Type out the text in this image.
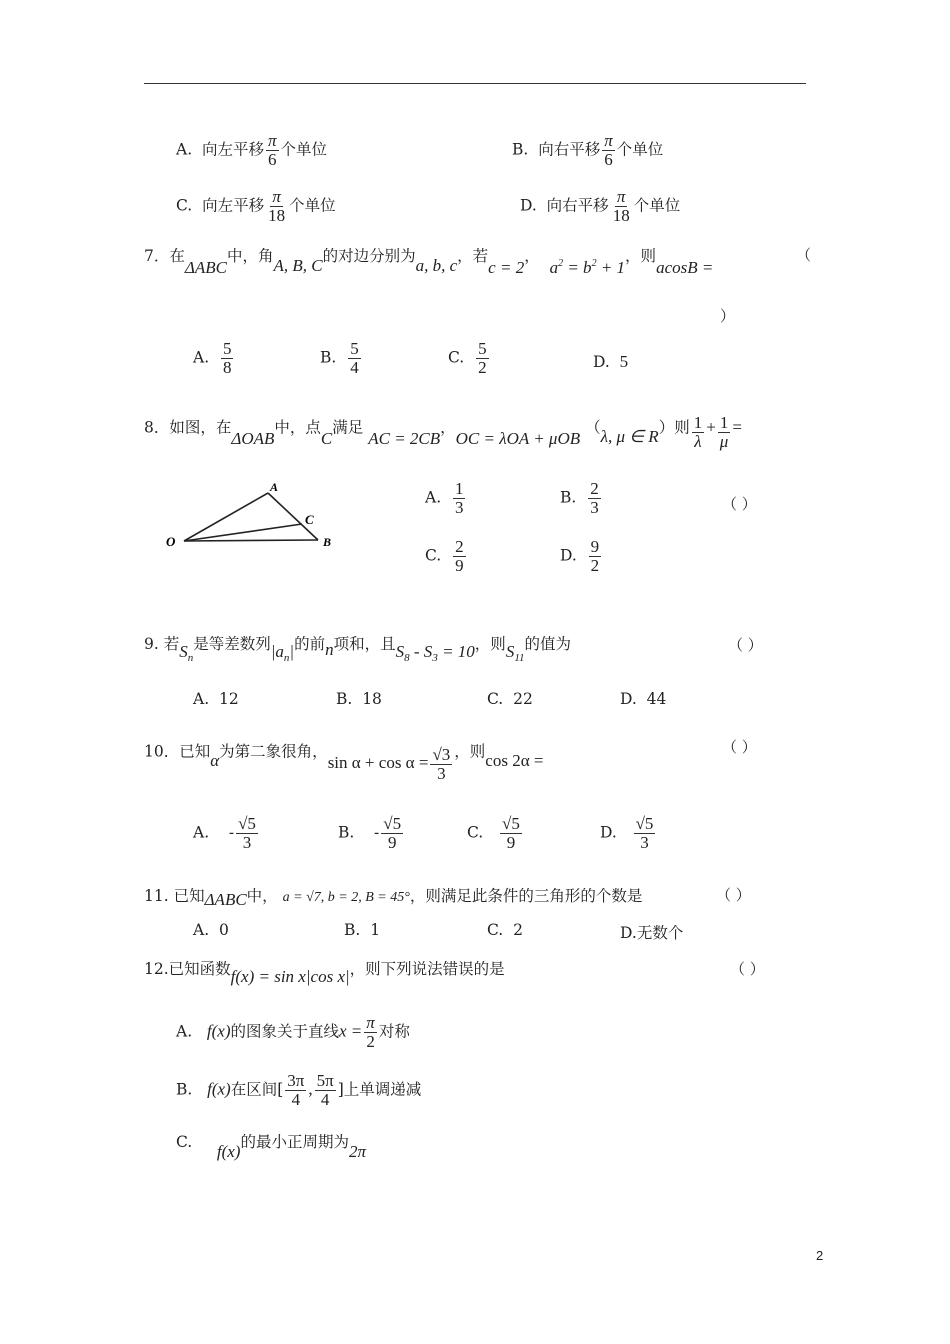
A. 向左平移 $\frac{\pi}{6}$ 个单位	B. 向右平移 $\frac{\pi}{6}$ 个单位
C. 向左平移 $\frac{\pi}{18}$ 个单位	D. 向右平移 $\frac{\pi}{18}$ 个单位
7．在ΔABC中，角A, B, C的对边分别为a, b, c，若c = 2，  $a^2 = b^2 + 1$，则acosB =
（
）
A. $\frac{5}{8}$	B. $\frac{5}{4}$	C. $\frac{5}{2}$	D. 5
8．如图，在ΔOAB中，点C满足 AC = 2CB，OC = λOA + μOB （λ, μ ∈ R）则 $\frac{1}{\lambda} + \frac{1}{\mu}$ =
O
A
C
B
A. $\frac{1}{3}$	B. $\frac{2}{3}$
C. $\frac{2}{9}$	D. $\frac{9}{2}$
（ ）
9. 若$S_n$是等差数列$|a_n|$的前n项和，且$S_8 - S_3 = 10$，则$S_{11}$的值为	（ ）
A. 12	B. 18	C. 22	D. 44
10．已知α为第二象很角，$\sin \alpha + \cos \alpha = \frac{√3}{3}$ ，则cos 2α =
（ ）
A. - $\frac{√5}{3}$	B. - $\frac{√5}{9}$	C. $\frac{√5}{9}$	D. $\frac{√5}{3}$
11. 已知ΔABC中， a = √7, b = 2, B = 45°，则满足此条件的三角形的个数是	（ ）
A. 0	B. 1	C. 2	D.无数个
12.已知函数f(x) = sin x|cos x|，则下列说法错误的是	（ ）
A. f(x)的图象关于直线$x = \frac{\pi}{2}$ 对称
B. f(x)在区间[ $\frac{3\pi}{4}$ , $\frac{5\pi}{4}$ ]上单调递减
C. f(x)的最小正周期为2π
2
